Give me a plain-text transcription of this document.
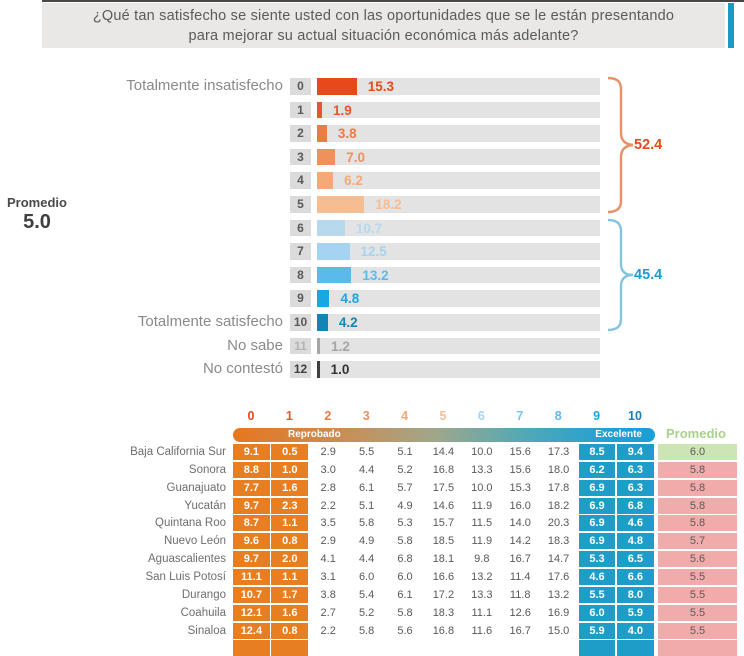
¿Qué tan satisfecho se siente usted con las oportunidades que se le están presentando
para mejorar su actual situación económica más adelante?
Promedio
5.0
Totalmente insatisfecho	0	15.3
1	1.9
2	3.8
3	7.0
4	6.2
5	18.2
6	10.7
7	12.5
8	13.2
9	4.8
Totalmente satisfecho 10 4.2
No sabe 11	1.2
No contestó 12 1.0
52.4
45.4
0	1	2	3	4	5	6	7	8	9	10
Reprobado	Excelente	Promedio
Baja California Sur	9.1	0.5	2.9	5.5	5.1	14.4	10.0	15.6	17.3	8.5	9.4	6.0
Sonora	8.8	1.0	3.0	4.4	5.2	16.8	13.3	15.6	18.0	6.2	6.3	5.8
Guanajuato	7.7	1.6	2.8	6.1	5.7	17.5	10.0	15.3	17.8	6.9	6.3	5.8
Yucatán	9.7	2.3	2.2	5.1	4.9	14.6	11.9	16.0	18.2	6.9	6.8	5.8
Quintana Roo	8.7	1.1	3.5	5.8	5.3	15.7	11.5	14.0	20.3	6.9	4.6	5.8
Nuevo León	9.6	0.8	2.9	4.9	5.8	18.5	11.9	14.2	18.3	6.9	4.8	5.7
Aguascalientes	9.7	2.0	4.1	4.4	6.8	18.1	9.8	16.7	14.7	5.3	6.5	5.6
San Luis Potosí	11.1	1.1	3.1	6.0	6.0	16.6	13.2	11.4	17.6	4.6	6.6	5.5
Durango	10.7	1.7	3.8	5.4	6.1	17.2	13.3	11.8	13.2	5.5	8.0	5.5
Coahuila	12.1	1.6	2.7	5.2	5.8	18.3	11.1	12.6	16.9	6.0	5.9	5.5
Sinaloa	12.4	0.8	2.2	5.8	5.6	16.8	11.6	16.7	15.0	5.9	4.0	5.5
